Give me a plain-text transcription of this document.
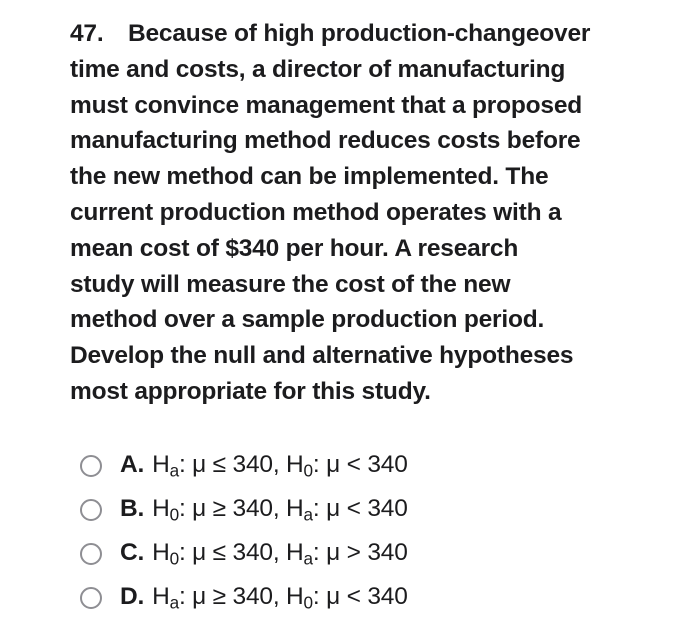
47. Because of high production-changeover
time and costs, a director of manufacturing
must convince management that a proposed
manufacturing method reduces costs before
the new method can be implemented. The
current production method operates with a
mean cost of $340 per hour. A research
study will measure the cost of the new
method over a sample production period.
Develop the null and alternative hypotheses
most appropriate for this study.
A. $H_a$: μ ≤ 340, $H_0$: μ < 340
B. $H_0$: μ ≥ 340, $H_a$: μ < 340
C. $H_0$: μ ≤ 340, $H_a$: μ > 340
D. $H_a$: μ ≥ 340, $H_0$: μ < 340
